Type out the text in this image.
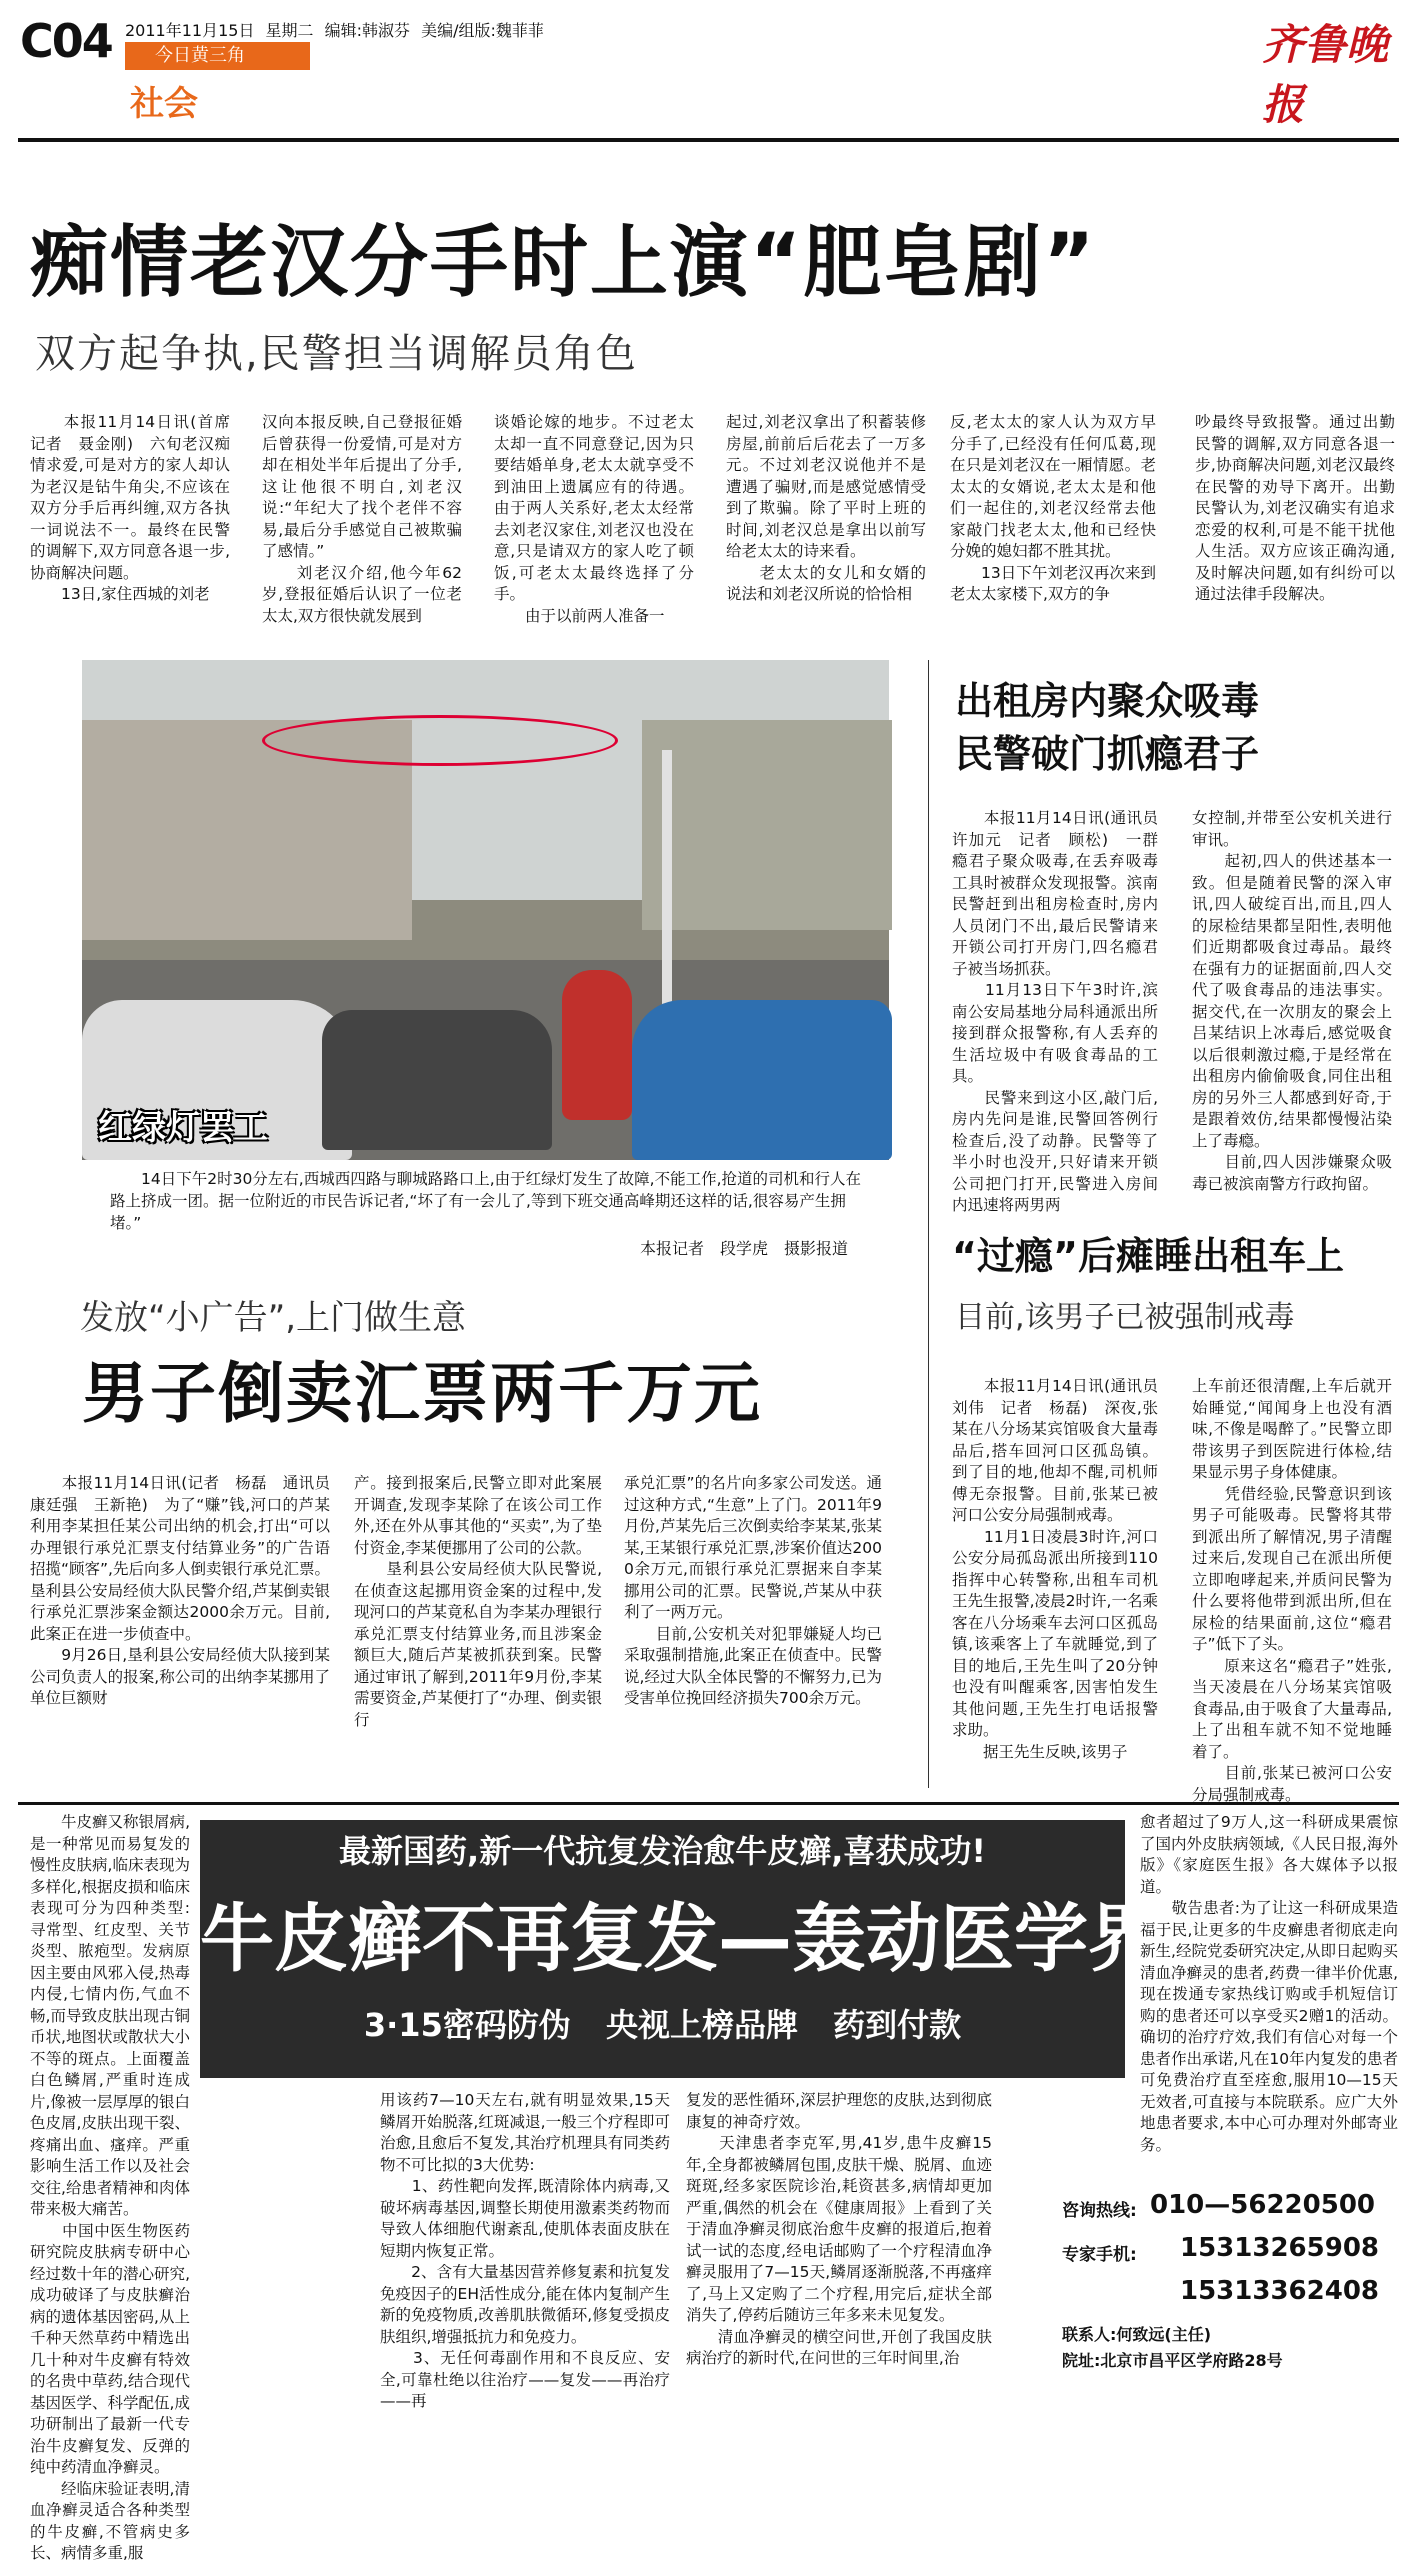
C04 2011年11月15日 星期二 编辑:韩淑芬 美编/组版:魏菲菲
今日黄三角
社会
齐鲁晚报
痴情老汉分手时上演“肥皂剧”
双方起争执,民警担当调解员角色
　　本报11月14日讯(首席记者　聂金刚)　六旬老汉痴情求爱,可是对方的家人却认为老汉是钻牛角尖,不应该在双方分手后再纠缠,双方各执一词说法不一。最终在民警的调解下,双方同意各退一步,协商解决问题。
　　13日,家住西城的刘老
汉向本报反映,自己登报征婚后曾获得一份爱情,可是对方却在相处半年后提出了分手,这让他很不明白,刘老汉说:“年纪大了找个老伴不容易,最后分手感觉自己被欺骗了感情。”
　　刘老汉介绍,他今年62岁,登报征婚后认识了一位老太太,双方很快就发展到
谈婚论嫁的地步。不过老太太却一直不同意登记,因为只要结婚单身,老太太就享受不到油田上遗属应有的待遇。由于两人关系好,老太太经常去刘老汉家住,刘老汉也没在意,只是请双方的家人吃了顿饭,可老太太最终选择了分手。
　　由于以前两人准备一
起过,刘老汉拿出了积蓄装修房屋,前前后后花去了一万多元。不过刘老汉说他并不是遭遇了骗财,而是感觉感情受到了欺骗。除了平时上班的时间,刘老汉总是拿出以前写给老太太的诗来看。
　　老太太的女儿和女婿的说法和刘老汉所说的恰恰相
反,老太太的家人认为双方早分手了,已经没有任何瓜葛,现在只是刘老汉在一厢情愿。老太太的女婿说,老太太是和他们一起住的,刘老汉经常去他家敲门找老太太,他和已经快分娩的媳妇都不胜其扰。
　　13日下午刘老汉再次来到老太太家楼下,双方的争
吵最终导致报警。通过出勤民警的调解,双方同意各退一步,协商解决问题,刘老汉最终在民警的劝导下离开。出勤民警认为,刘老汉确实有追求恋爱的权利,可是不能干扰他人生活。双方应该正确沟通,及时解决问题,如有纠纷可以通过法律手段解决。
红绿灯罢工
　　14日下午2时30分左右,西城西四路与聊城路路口上,由于红绿灯发生了故障,不能工作,抢道的司机和行人在路上挤成一团。据一位附近的市民告诉记者,“坏了有一会儿了,等到下班交通高峰期还这样的话,很容易产生拥堵。”
本报记者　段学虎　摄影报道
出租房内聚众吸毒
民警破门抓瘾君子
　　本报11月14日讯(通讯员　许加元　记者　顾松)　一群瘾君子聚众吸毒,在丢弃吸毒工具时被群众发现报警。滨南民警赶到出租房检查时,房内人员闭门不出,最后民警请来开锁公司打开房门,四名瘾君子被当场抓获。
　　11月13日下午3时许,滨南公安局基地分局科通派出所接到群众报警称,有人丢弃的生活垃圾中有吸食毒品的工具。
　　民警来到这小区,敲门后,房内先问是谁,民警回答例行检查后,没了动静。民警等了半小时也没开,只好请来开锁公司把门打开,民警进入房间内迅速将两男两
女控制,并带至公安机关进行审讯。
　　起初,四人的供述基本一致。但是随着民警的深入审讯,四人破绽百出,而且,四人的尿检结果都呈阳性,表明他们近期都吸食过毒品。最终在强有力的证据面前,四人交代了吸食毒品的违法事实。据交代,在一次朋友的聚会上吕某结识上冰毒后,感觉吸食以后很刺激过瘾,于是经常在出租房内偷偷吸食,同住出租房的另外三人都感到好奇,于是跟着效仿,结果都慢慢沾染上了毒瘾。
　　目前,四人因涉嫌聚众吸毒已被滨南警方行政拘留。
“过瘾”后瘫睡出租车上
目前,该男子已被强制戒毒
　　本报11月14日讯(通讯员　刘伟　记者　杨磊)　深夜,张某在八分场某宾馆吸食大量毒品后,搭车回河口区孤岛镇。到了目的地,他却不醒,司机师傅无奈报警。目前,张某已被河口公安分局强制戒毒。
　　11月1日凌晨3时许,河口公安分局孤岛派出所接到110指挥中心转警称,出租车司机王先生报警,凌晨2时许,一名乘客在八分场乘车去河口区孤岛镇,该乘客上了车就睡觉,到了目的地后,王先生叫了20分钟也没有叫醒乘客,因害怕发生其他问题,王先生打电话报警求助。
　　据王先生反映,该男子
上车前还很清醒,上车后就开始睡觉,“闻闻身上也没有酒味,不像是喝醉了。”民警立即带该男子到医院进行体检,结果显示男子身体健康。
　　凭借经验,民警意识到该男子可能吸毒。民警将其带到派出所了解情况,男子清醒过来后,发现自己在派出所便立即咆哮起来,并质问民警为什么要将他带到派出所,但在尿检的结果面前,这位“瘾君子”低下了头。
　　原来这名“瘾君子”姓张,当天凌晨在八分场某宾馆吸食毒品,由于吸食了大量毒品,上了出租车就不知不觉地睡着了。
　　目前,张某已被河口公安分局强制戒毒。
发放“小广告”,上门做生意
男子倒卖汇票两千万元
　　本报11月14日讯(记者　杨磊　通讯员　康廷强　王新艳)　为了“赚”钱,河口的芦某利用李某担任某公司出纳的机会,打出“可以办理银行承兑汇票支付结算业务”的广告语招揽“顾客”,先后向多人倒卖银行承兑汇票。垦利县公安局经侦大队民警介绍,芦某倒卖银行承兑汇票涉案金额达2000余万元。目前,此案正在进一步侦查中。
　　9月26日,垦利县公安局经侦大队接到某公司负责人的报案,称公司的出纳李某挪用了单位巨额财
产。接到报案后,民警立即对此案展开调查,发现李某除了在该公司工作外,还在外从事其他的“买卖”,为了垫付资金,李某便挪用了公司的公款。
　　垦利县公安局经侦大队民警说,在侦查这起挪用资金案的过程中,发现河口的芦某竟私自为李某办理银行承兑汇票支付结算业务,而且涉案金额巨大,随后芦某被抓获到案。民警通过审讯了解到,2011年9月份,李某需要资金,芦某便打了“办理、倒卖银行
承兑汇票”的名片向多家公司发送。通过这种方式,“生意”上了门。2011年9月份,芦某先后三次倒卖给李某某,张某某,王某银行承兑汇票,涉案价值达2000余万元,而银行承兑汇票据来自李某挪用公司的汇票。民警说,芦某从中获利了一两万元。
　　目前,公安机关对犯罪嫌疑人均已采取强制措施,此案正在侦查中。民警说,经过大队全体民警的不懈努力,已为受害单位挽回经济损失700余万元。
最新国药,新一代抗复发治愈牛皮癣,喜获成功!
牛皮癣不再复发—轰动医学界
3·15密码防伪 央视上榜品牌 药到付款
　　牛皮癣又称银屑病,是一种常见而易复发的慢性皮肤病,临床表现为多样化,根据皮损和临床表现可分为四种类型:寻常型、红皮型、关节炎型、脓疱型。发病原因主要由风邪入侵,热毒内侵,七情内伤,气血不畅,而导致皮肤出现古铜币状,地图状或散状大小不等的斑点。上面覆盖白色鳞屑,严重时连成片,像被一层厚厚的银白色皮屑,皮肤出现干裂、疼痛出血、瘙痒。严重影响生活工作以及社会交往,给患者精神和肉体带来极大痛苦。
　　中国中医生物医药研究院皮肤病专研中心经过数十年的潜心研究,成功破译了与皮肤癣治病的遗体基因密码,从上千种天然草药中精选出几十种对牛皮癣有特效的名贵中草药,结合现代基因医学、科学配伍,成功研制出了最新一代专治牛皮癣复发、反弹的纯中药清血净癣灵。
　　经临床验证表明,清血净癣灵适合各种类型的牛皮癣,不管病史多长、病情多重,服
用该药7—10天左右,就有明显效果,15天鳞屑开始脱落,红斑减退,一般三个疗程即可治愈,且愈后不复发,其治疗机理具有同类药物不可比拟的3大优势:
　　1、药性靶向发挥,既清除体内病毒,又破坏病毒基因,调整长期使用激素类药物而导致人体细胞代谢紊乱,使肌体表面皮肤在短期内恢复正常。
　　2、含有大量基因营养修复素和抗复发免疫因子的EH活性成分,能在体内复制产生新的免疫物质,改善肌肤微循环,修复受损皮肤组织,增强抵抗力和免疫力。
　　3、无任何毒副作用和不良反应、安全,可靠杜绝以往治疗——复发——再治疗——再
复发的恶性循环,深层护理您的皮肤,达到彻底康复的神奇疗效。
　　天津患者李克军,男,41岁,患牛皮癣15年,全身都被鳞屑包围,皮肤干燥、脱屑、血迹斑斑,经多家医院诊治,耗资甚多,病情却更加严重,偶然的机会在《健康周报》上看到了关于清血净癣灵彻底治愈牛皮癣的报道后,抱着试一试的态度,经电话邮购了一个疗程清血净癣灵服用了7—15天,鳞屑逐渐脱落,不再瘙痒了,马上又定购了二个疗程,用完后,症状全部消失了,停药后随访三年多来未见复发。
　　清血净癣灵的横空问世,开创了我国皮肤病治疗的新时代,在问世的三年时间里,治
愈者超过了9万人,这一科研成果震惊了国内外皮肤病领域,《人民日报,海外版》《家庭医生报》各大媒体予以报道。
　　敬告患者:为了让这一科研成果造福于民,让更多的牛皮癣患者彻底走向新生,经院党委研究决定,从即日起购买清血净癣灵的患者,药费一律半价优惠,现在拨通专家热线订购或手机短信订购的患者还可以享受买2赠1的活动。确切的治疗疗效,我们有信心对每一个患者作出承诺,凡在10年内复发的患者可免费治疗直至痊愈,服用10—15天无效者,可直接与本院联系。应广大外地患者要求,本中心可办理对外邮寄业务。
咨询热线: 010—56220500
专家手机: 15313265908
15313362408
联系人:何致远(主任)
院址:北京市昌平区学府路28号
